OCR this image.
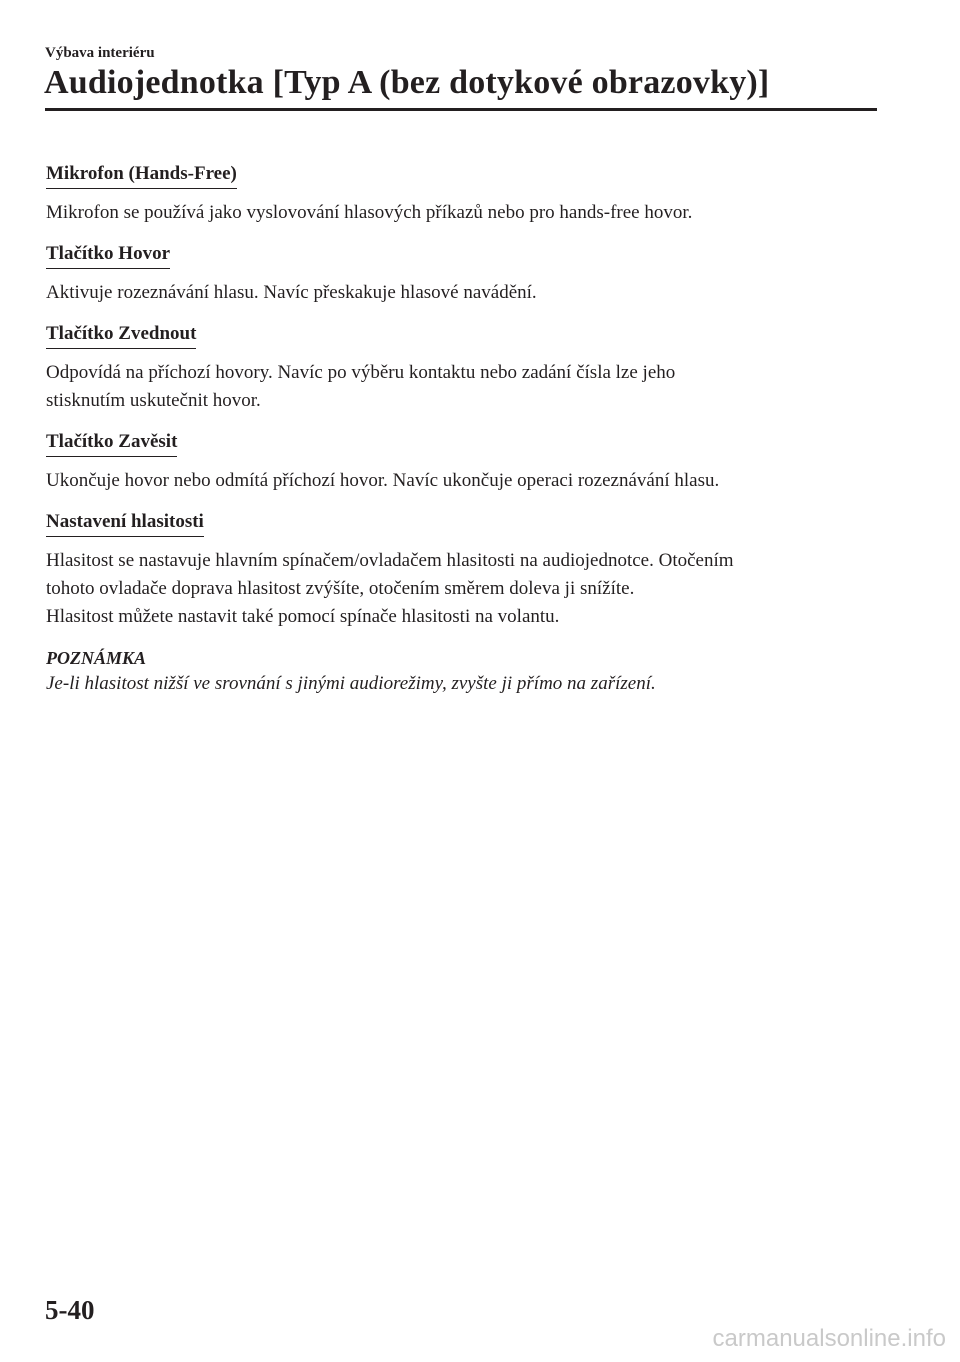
Výbava interiéru
Audiojednotka [Typ A (bez dotykové obrazovky)]
Mikrofon (Hands-Free)
Mikrofon se používá jako vyslovování hlasových příkazů nebo pro hands-free hovor.
Tlačítko Hovor
Aktivuje rozeznávání hlasu. Navíc přeskakuje hlasové navádění.
Tlačítko Zvednout
Odpovídá na příchozí hovory. Navíc po výběru kontaktu nebo zadání čísla lze jeho
stisknutím uskutečnit hovor.
Tlačítko Zavěsit
Ukončuje hovor nebo odmítá příchozí hovor. Navíc ukončuje operaci rozeznávání hlasu.
Nastavení hlasitosti
Hlasitost se nastavuje hlavním spínačem/ovladačem hlasitosti na audiojednotce. Otočením
tohoto ovladače doprava hlasitost zvýšíte, otočením směrem doleva ji snížíte.
Hlasitost můžete nastavit také pomocí spínače hlasitosti na volantu.
POZNÁMKA
Je-li hlasitost nižší ve srovnání s jinými audiorežimy, zvyšte ji přímo na zařízení.
5-40
carmanualsonline.info
